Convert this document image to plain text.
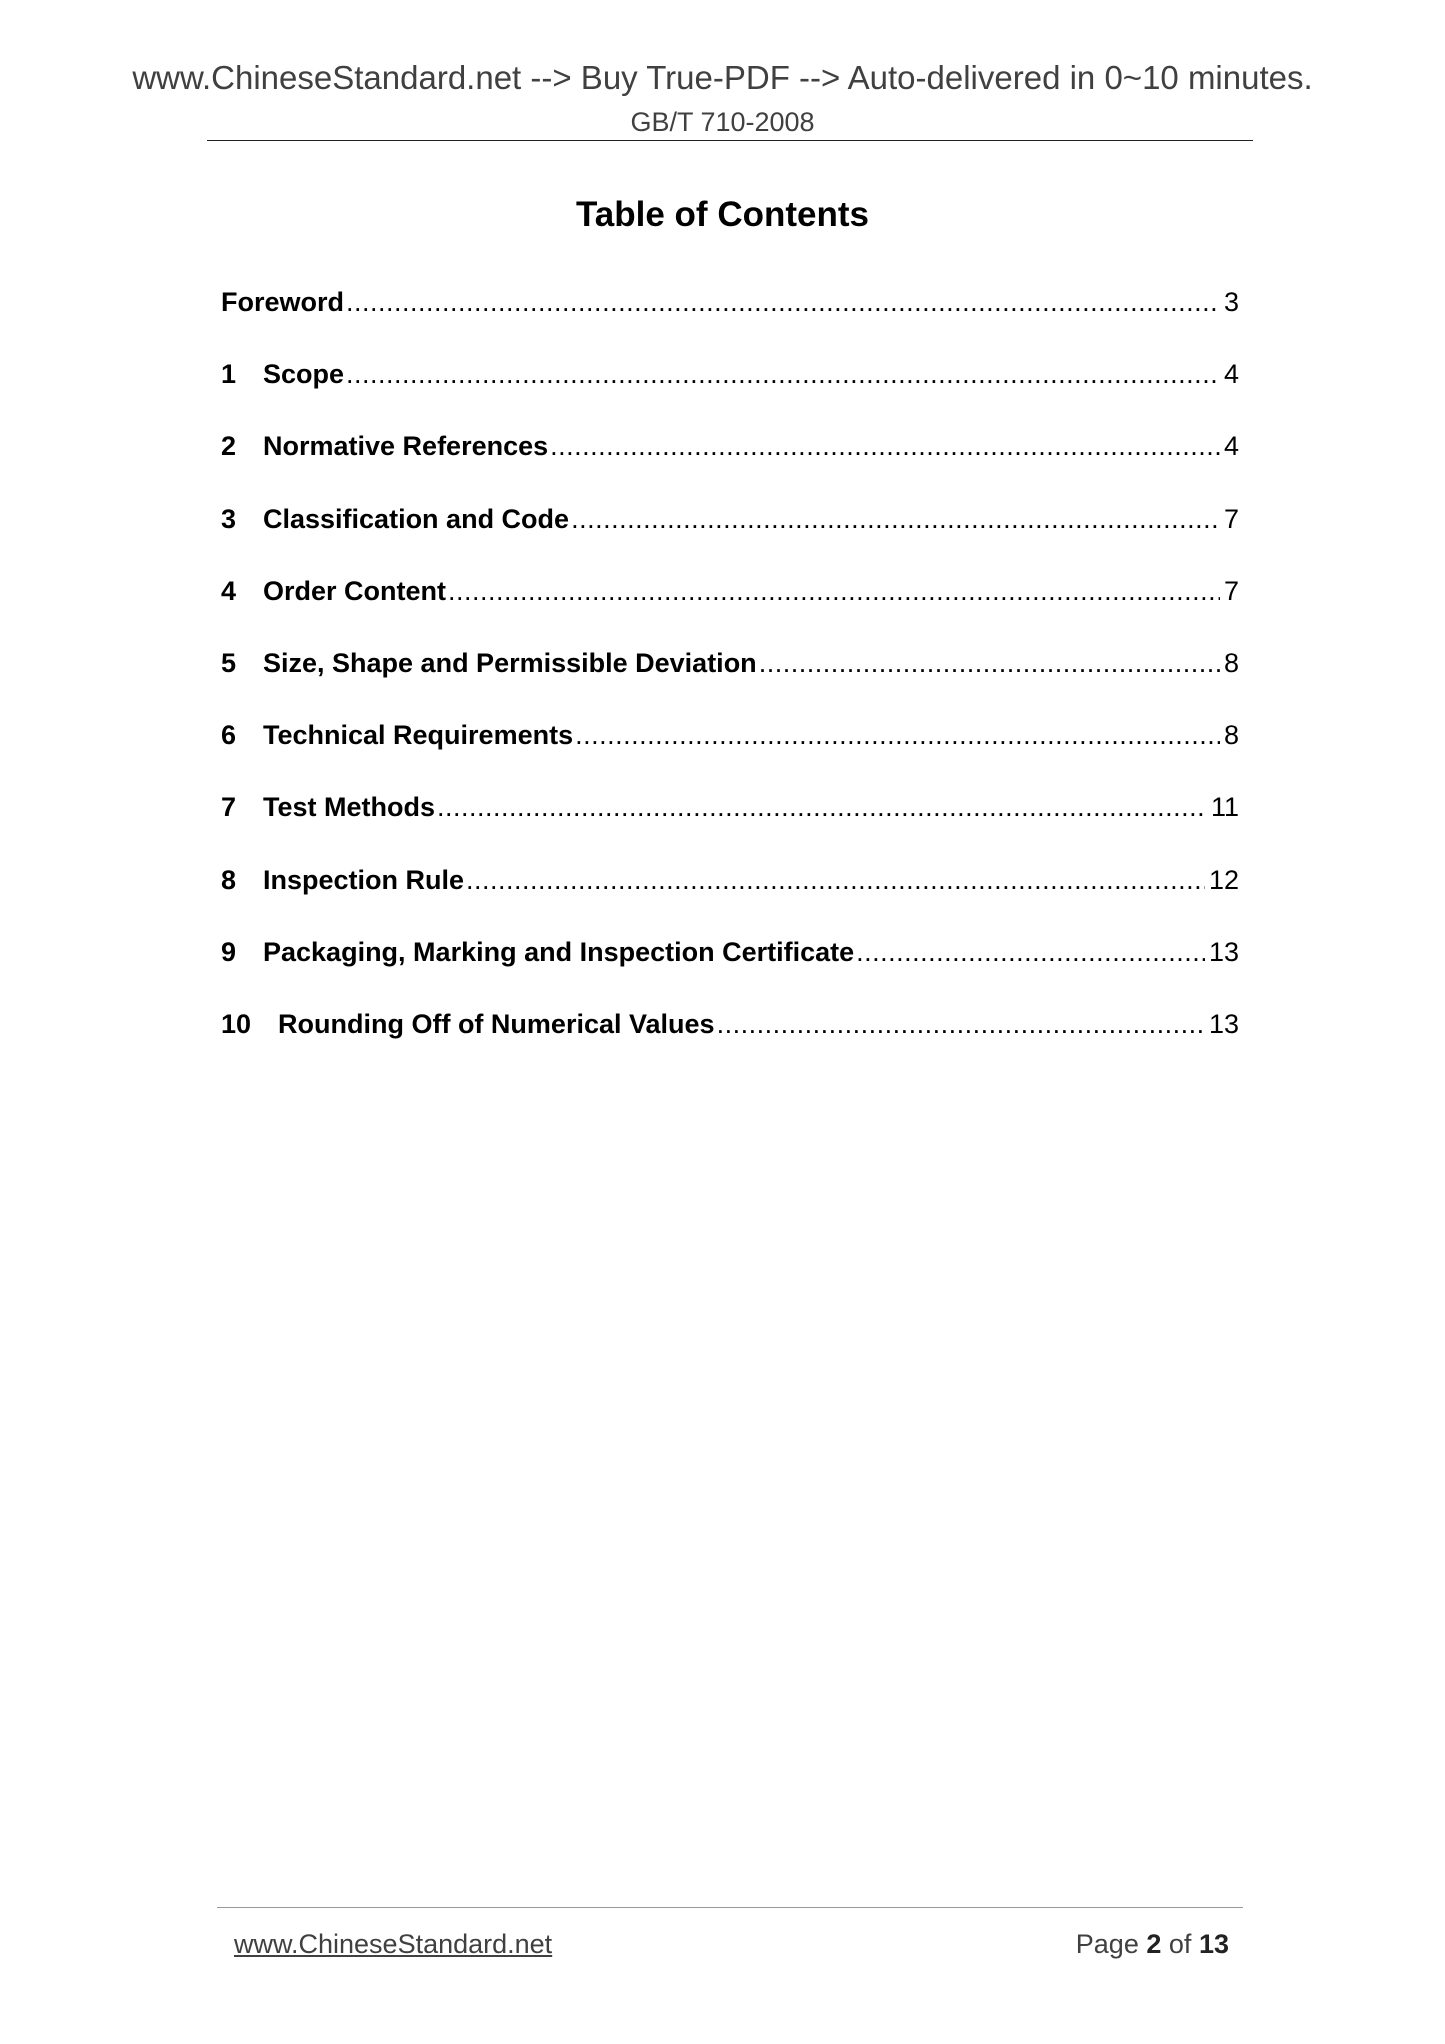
www.ChineseStandard.net --> Buy True-PDF --> Auto-delivered in 0~10 minutes.
GB/T 710-2008
Table of Contents
Foreword .....	3
1 Scope .....	4
2 Normative References .....	4
3 Classification and Code .....	7
4 Order Content .....	7
5 Size, Shape and Permissible Deviation .....	8
6 Technical Requirements .....	8
7 Test Methods .....	11
8 Inspection Rule .....	12
9 Packaging, Marking and Inspection Certificate .....	13
10 Rounding Off of Numerical Values .....	13
www.ChineseStandard.net	Page 2 of 13
